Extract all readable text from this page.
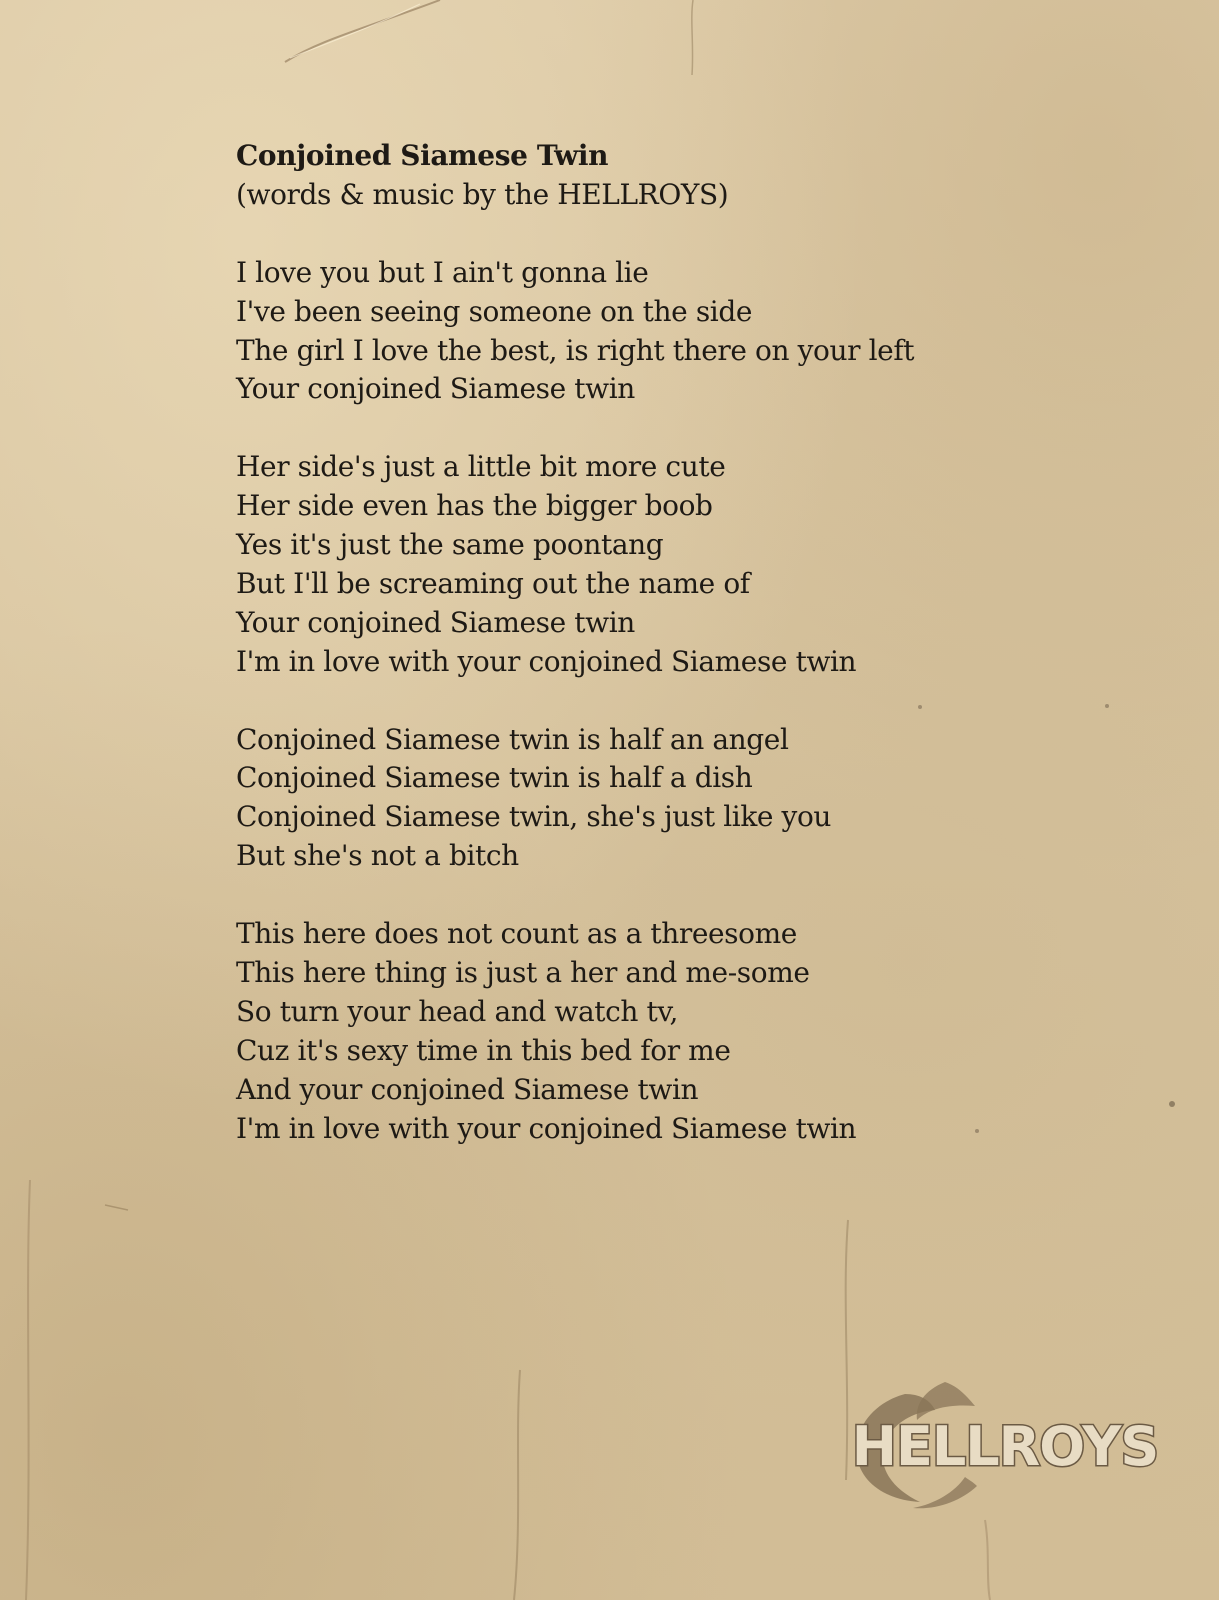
Conjoined Siamese Twin
(words & music by the HELLROYS)
I love you but I ain't gonna lie
I've been seeing someone on the side
The girl I love the best, is right there on your left
Your conjoined Siamese twin
Her side's just a little bit more cute
Her side even has the bigger boob
Yes it's just the same poontang
But I'll be screaming out the name of
Your conjoined Siamese twin
I'm in love with your conjoined Siamese twin
Conjoined Siamese twin is half an angel
Conjoined Siamese twin is half a dish
Conjoined Siamese twin, she's just like you
But she's not a bitch
This here does not count as a threesome
This here thing is just a her and me-some
So turn your head and watch tv,
Cuz it's sexy time in this bed for me
And your conjoined Siamese twin
I'm in love with your conjoined Siamese twin
HELLROYS
